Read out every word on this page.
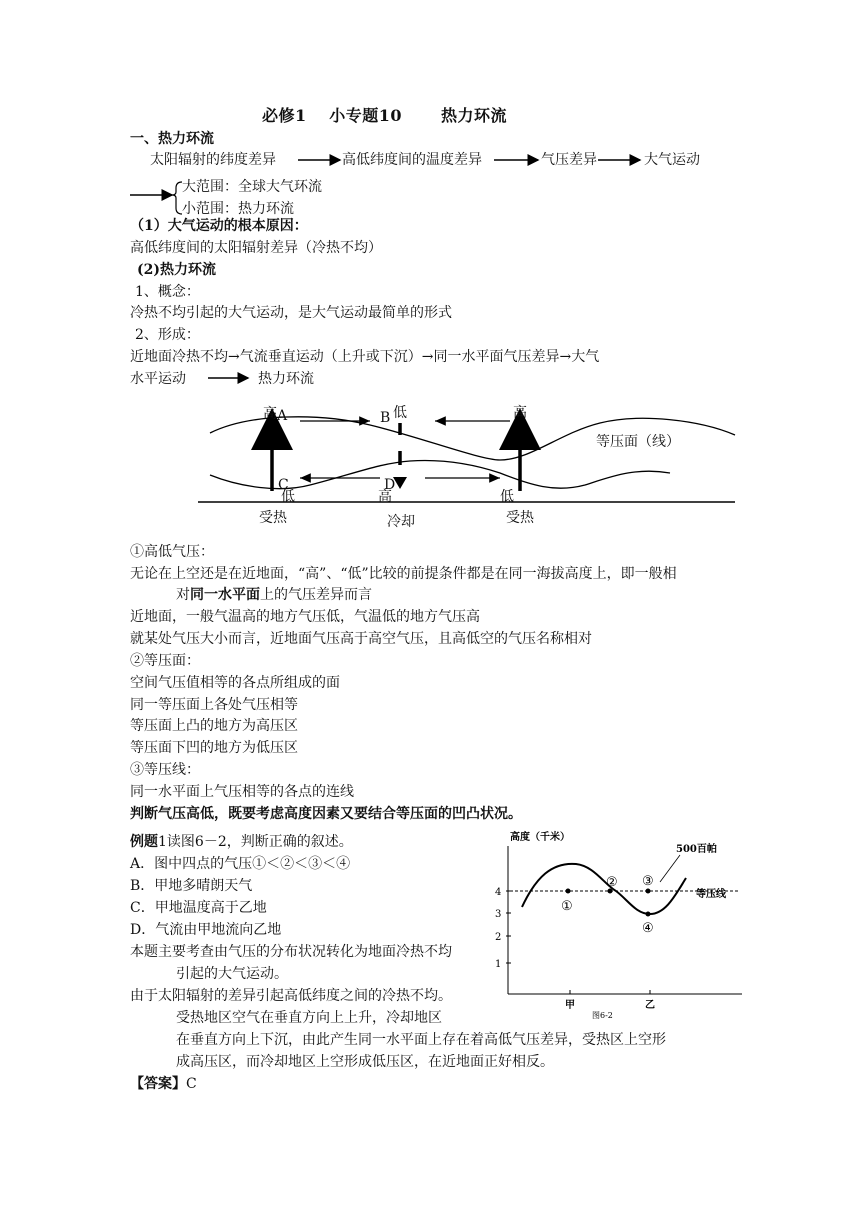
必修1　 小专题10　　 热力环流
一、热力环流
太阳辐射的纬度差异	高低纬度间的温度差异	气压差异	大气运动
大范围：全球大气环流
小范围：热力环流
（1）大气运动的根本原因：
高低纬度间的太阳辐射差异（冷热不均）
(2)热力环流
1、概念：
冷热不均引起的大气运动，是大气运动最简单的形式
2、形成：
近地面冷热不均→气流垂直运动（上升或下沉）→同一水平面气压差异→大气
水平运动	热力环流
高 A	B 低	高
等压面（线）
C	D
低	高	低
受热	冷却	受热
①高低气压：
无论在上空还是在近地面，“高”、“低”比较的前提条件都是在同一海拔高度上，即一般相
对同一水平面上的气压差异而言
近地面，一般气温高的地方气压低，气温低的地方气压高
就某处气压大小而言，近地面气压高于高空气压，且高低空的气压名称相对
②等压面：
空间气压值相等的各点所组成的面
同一等压面上各处气压相等
等压面上凸的地方为高压区
等压面下凹的地方为低压区
③等压线：
同一水平面上气压相等的各点的连线
判断气压高低，既要考虑高度因素又要结合等压面的凹凸状况。
例题1读图6－2，判断正确的叙述。
A．图中四点的气压①＜②＜③＜④
B．甲地多晴朗天气
C．甲地温度高于乙地
D．气流由甲地流向乙地
本题主要考查由气压的分布状况转化为地面冷热不均
引起的大气运动。
由于太阳辐射的差异引起高低纬度之间的冷热不均。
受热地区空气在垂直方向上上升，冷却地区
在垂直方向上下沉，由此产生同一水平面上存在着高低气压差异，受热区上空形
成高压区，而冷却地区上空形成低压区，在近地面正好相反。
【答案】C
高度（千米）
1
2
3
4
500百帕
等压线
①
② ③
④
甲	乙
图6-2
